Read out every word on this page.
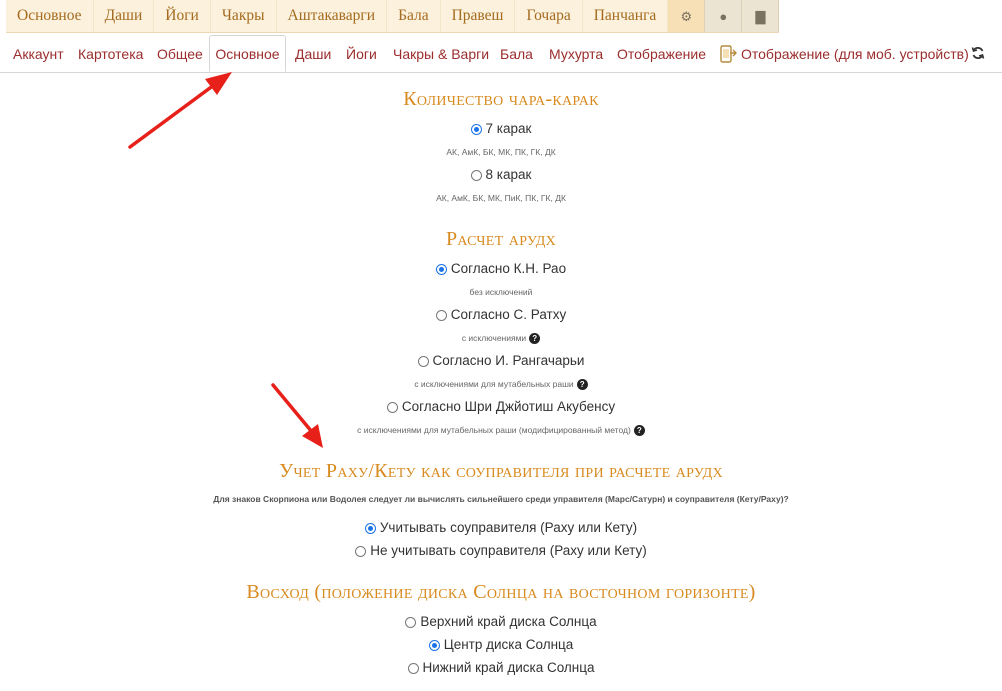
Основное	Даши	Йоги	Чакры	Аштакаварги	Бала	Правеш	Гочара	Панчанга	⚙ ● ▇
Аккаунт Картотека Общее Основное	Даши Йоги Чакры & Варги Бала Мухурта Отображение Отображение (для моб. устройств)
Количество чара-карак
7 карак
АК, АмК, БК, МК, ПК, ГК, ДК
8 карак
АК, АмК, БК, МК, ПиК, ПК, ГК, ДК
Расчет арудх
Согласно К.Н. Рао
без исключений
Согласно С. Ратху
с исключениями ?
Согласно И. Рангачарьи
с исключениями для мутабельных раши ?
Согласно Шри Джйотиш Акубенсу
с исключениями для мутабельных раши (модифицированный метод) ?
Учет Раху/Кету как соуправителя при расчете арудх
Для знаков Скорпиона или Водолея следует ли вычислять сильнейшего среди управителя (Марс/Сатурн) и соуправителя (Кету/Раху)?
Учитывать соуправителя (Раху или Кету)
Не учитывать соуправителя (Раху или Кету)
Восход (положение диска Солнца на восточном горизонте)
Верхний край диска Солнца
Центр диска Солнца
Нижний край диска Солнца
